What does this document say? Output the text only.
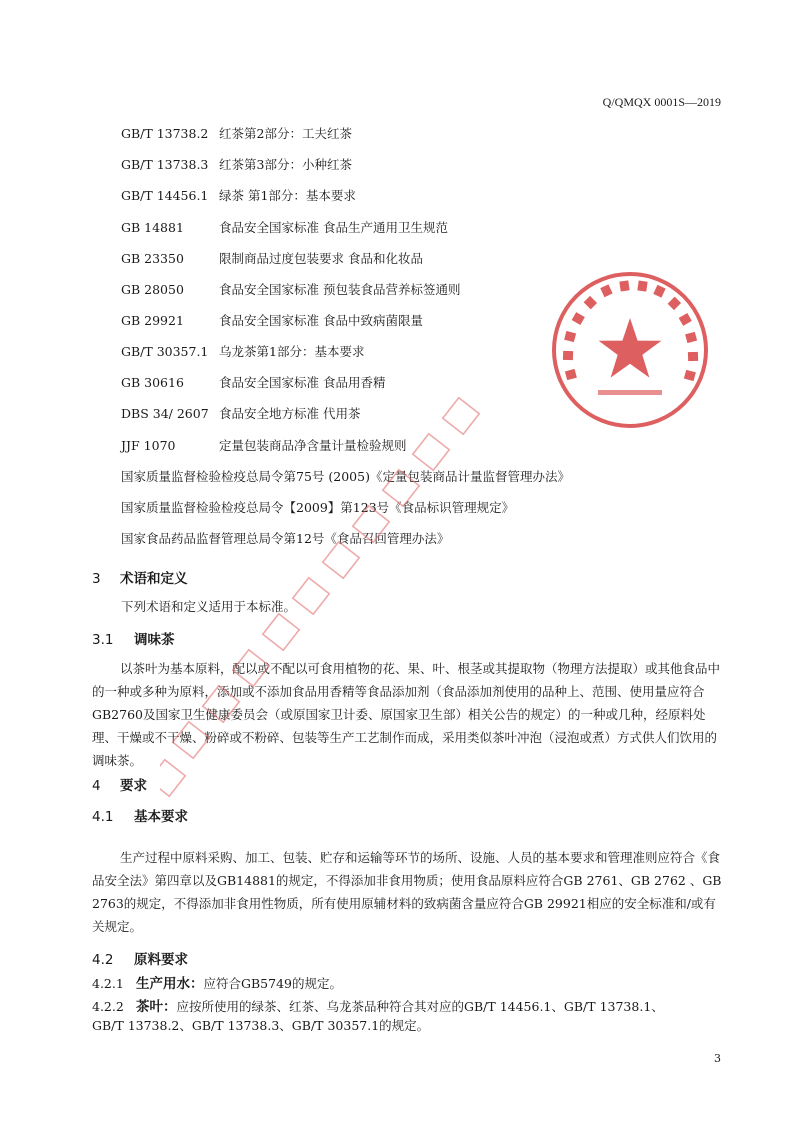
Q/QMQX 0001S—2019
GB/T 13738.2 红茶第2部分：工夫红茶
GB/T 13738.3 红茶第3部分：小种红茶
GB/T 14456.1 绿茶 第1部分：基本要求
GB 14881	食品安全国家标准 食品生产通用卫生规范
GB 23350	限制商品过度包装要求 食品和化妆品
GB 28050	食品安全国家标准 预包装食品营养标签通则
GB 29921	食品安全国家标准 食品中致病菌限量
GB/T 30357.1 乌龙茶第1部分：基本要求
GB 30616	食品安全国家标准 食品用香精
DBS 34/ 2607 食品安全地方标准 代用茶
JJF 1070	定量包装商品净含量计量检验规则
国家质量监督检验检疫总局令第75号 (2005)《定量包装商品计量监督管理办法》
国家质量监督检验检疫总局令【2009】第123号《食品标识管理规定》
国家食品药品监督管理总局令第12号《食品召回管理办法》
3 术语和定义
下列术语和定义适用于本标准。
3.1 调味茶
以茶叶为基本原料，配以或不配以可食用植物的花、果、叶、根茎或其提取物（物理方法提取）或其他食品中的一种或多种为原料，添加或不添加食品用香精等食品添加剂（食品添加剂使用的品种上、范围、使用量应符合GB2760及国家卫生健康委员会（或原国家卫计委、原国家卫生部）相关公告的规定）的一种或几种，经原料处理、干燥或不干燥、粉碎或不粉碎、包装等生产工艺制作而成，采用类似茶叶冲泡（浸泡或煮）方式供人们饮用的调味茶。
4 要求
4.1 基本要求
生产过程中原料采购、加工、包装、贮存和运输等环节的场所、设施、人员的基本要求和管理准则应符合《食品安全法》第四章以及GB14881的规定，不得添加非食用物质；使用食品原料应符合GB 2761、GB 2762 、GB 2763的规定，不得添加非食用性物质，所有使用原辅材料的致病菌含量应符合GB 29921相应的安全标准和/或有关规定。
4.2 原料要求
4.2.1 生产用水：应符合GB5749的规定。
4.2.2 茶叶：应按所使用的绿茶、红茶、乌龙茶品种符合其对应的GB/T 14456.1、GB/T 13738.1、
GB/T 13738.2、GB/T 13738.3、GB/T 30357.1的规定。
3
